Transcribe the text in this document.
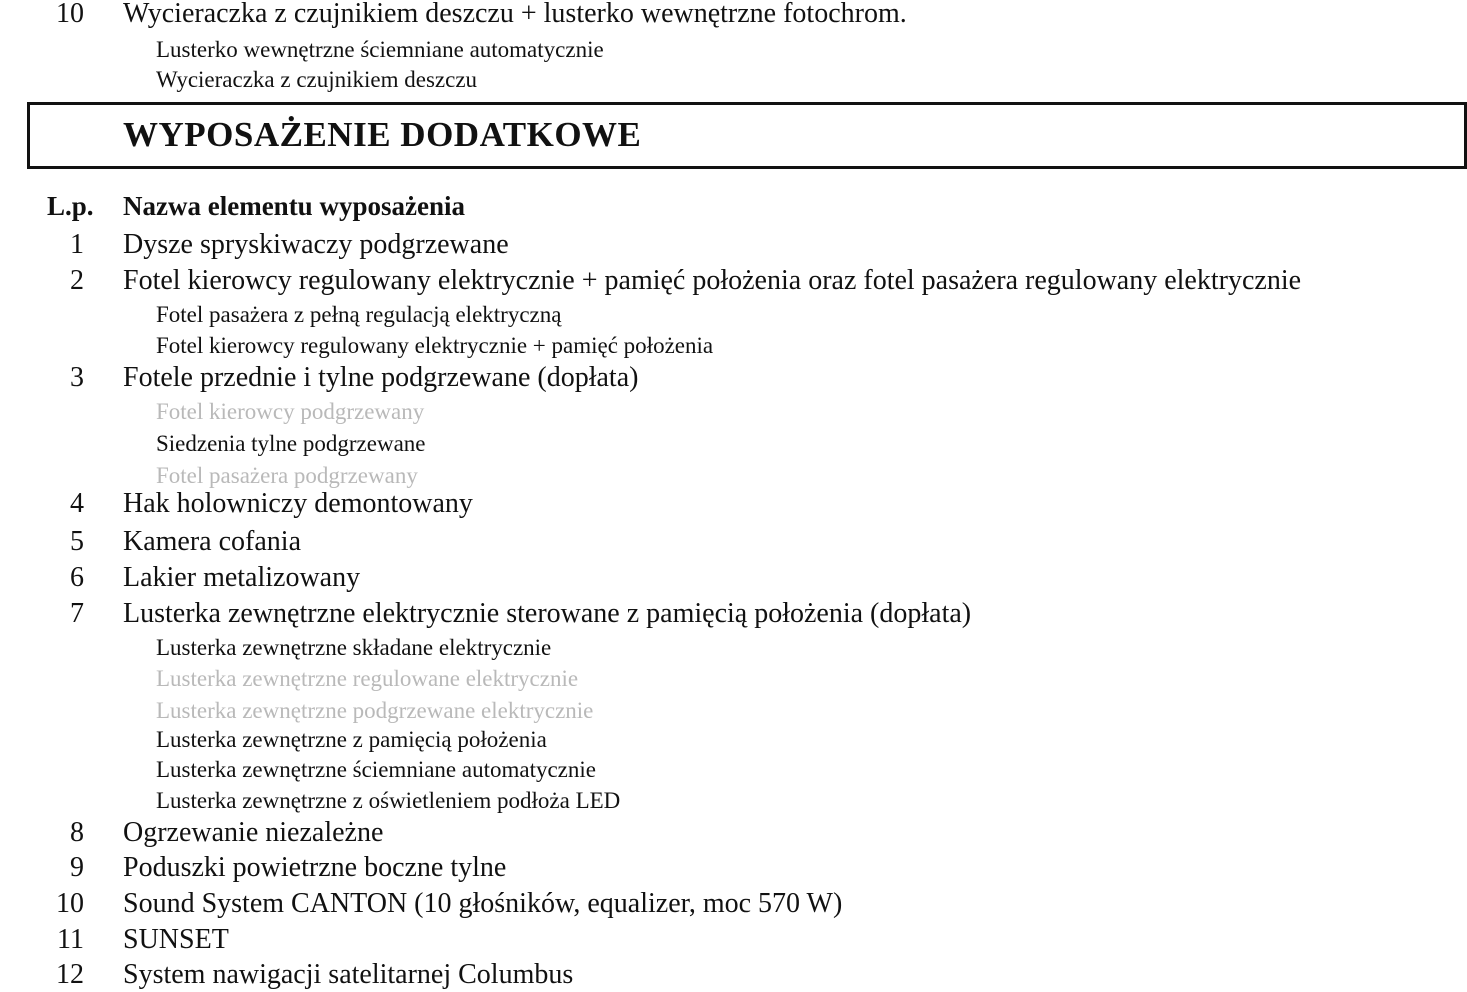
10 Wycieraczka z czujnikiem deszczu + lusterko wewnętrzne fotochrom.
Lusterko wewnętrzne ściemniane automatycznie
Wycieraczka z czujnikiem deszczu
WYPOSAŻENIE DODATKOWE
L.p. Nazwa elementu wyposażenia
1 Dysze spryskiwaczy podgrzewane
2 Fotel kierowcy regulowany elektrycznie + pamięć położenia oraz fotel pasażera regulowany elektrycznie
Fotel pasażera z pełną regulacją elektryczną
Fotel kierowcy regulowany elektrycznie + pamięć położenia
3 Fotele przednie i tylne podgrzewane (dopłata)
Fotel kierowcy podgrzewany
Siedzenia tylne podgrzewane
Fotel pasażera podgrzewany
4 Hak holowniczy demontowany
5 Kamera cofania
6 Lakier metalizowany
7 Lusterka zewnętrzne elektrycznie sterowane z pamięcią położenia (dopłata)
Lusterka zewnętrzne składane elektrycznie
Lusterka zewnętrzne regulowane elektrycznie
Lusterka zewnętrzne podgrzewane elektrycznie
Lusterka zewnętrzne z pamięcią położenia
Lusterka zewnętrzne ściemniane automatycznie
Lusterka zewnętrzne z oświetleniem podłoża LED
8 Ogrzewanie niezależne
9 Poduszki powietrzne boczne tylne
10 Sound System CANTON (10 głośników, equalizer, moc 570 W)
11 SUNSET
12 System nawigacji satelitarnej Columbus
